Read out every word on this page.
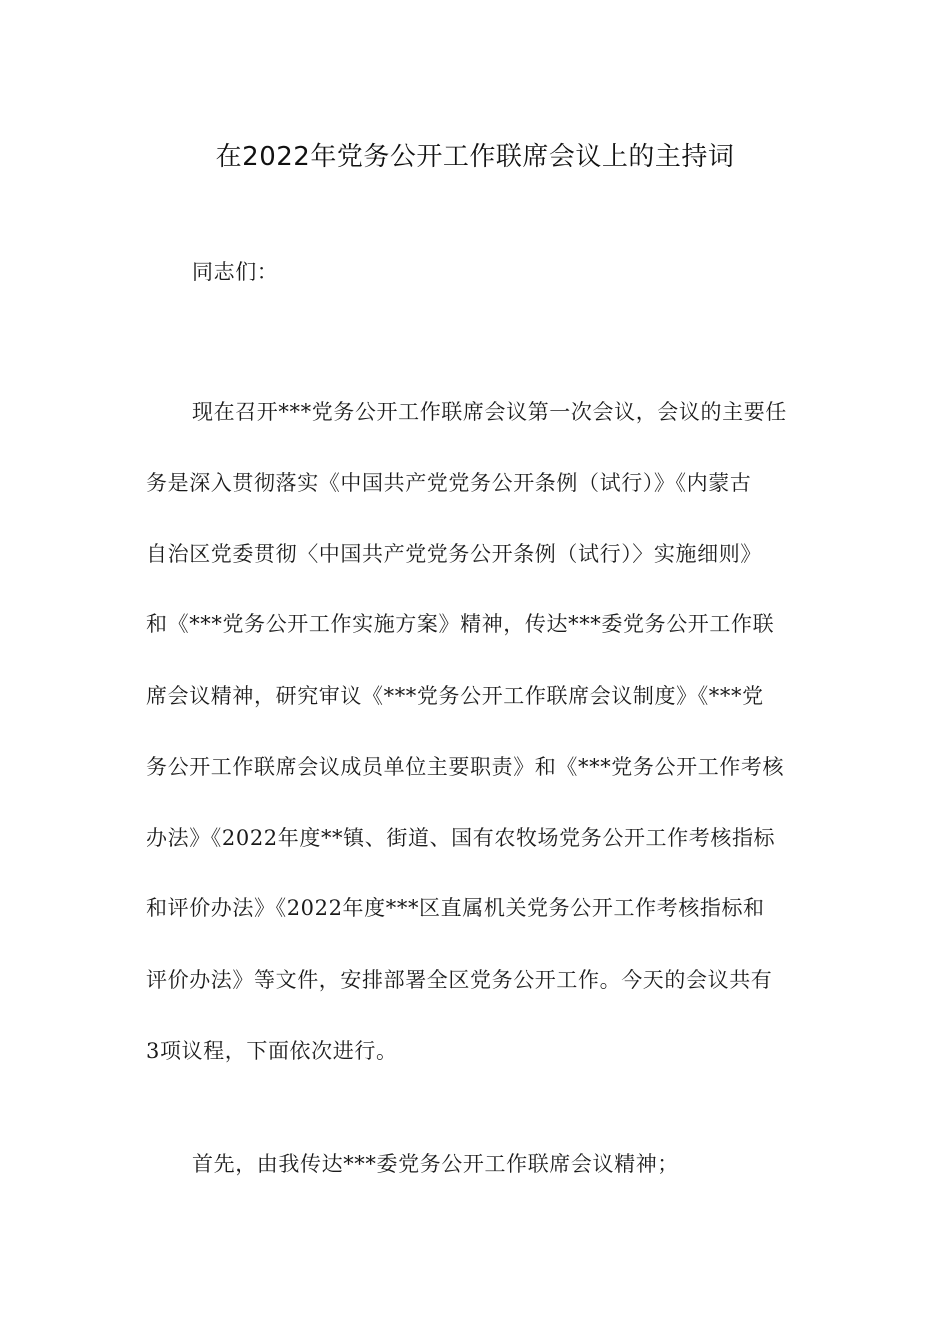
在2022年党务公开工作联席会议上的主持词

同志们：

现在召开***党务公开工作联席会议第一次会议，会议的主要任

务是深入贯彻落实《中国共产党党务公开条例（试行）》《内蒙古

自治区党委贯彻〈中国共产党党务公开条例（试行）〉实施细则》

和《***党务公开工作实施方案》精神，传达***委党务公开工作联

席会议精神，研究审议《***党务公开工作联席会议制度》《***党

务公开工作联席会议成员单位主要职责》和《***党务公开工作考核

办法》《2022年度**镇、街道、国有农牧场党务公开工作考核指标

和评价办法》《2022年度***区直属机关党务公开工作考核指标和

评价办法》等文件，安排部署全区党务公开工作。今天的会议共有

3项议程，下面依次进行。

首先，由我传达***委党务公开工作联席会议精神；
